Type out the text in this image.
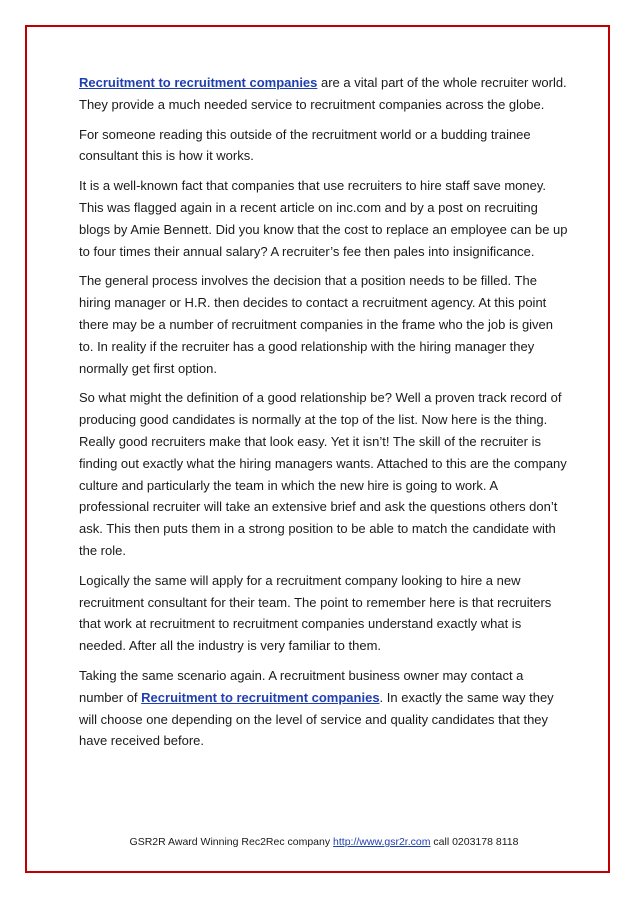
Recruitment to recruitment companies are a vital part of the whole recruiter world. They provide a much needed service to recruitment companies across the globe.

For someone reading this outside of the recruitment world or a budding trainee consultant this is how it works.

It is a well-known fact that companies that use recruiters to hire staff save money. This was flagged again in a recent article on inc.com and by a post on recruiting blogs by Amie Bennett. Did you know that the cost to replace an employee can be up to four times their annual salary? A recruiter’s fee then pales into insignificance.

The general process involves the decision that a position needs to be filled. The hiring manager or H.R. then decides to contact a recruitment agency. At this point there may be a number of recruitment companies in the frame who the job is given to. In reality if the recruiter has a good relationship with the hiring manager they normally get first option.

So what might the definition of a good relationship be? Well a proven track record of producing good candidates is normally at the top of the list. Now here is the thing. Really good recruiters make that look easy. Yet it isn’t! The skill of the recruiter is finding out exactly what the hiring managers wants. Attached to this are the company culture and particularly the team in which the new hire is going to work. A professional recruiter will take an extensive brief and ask the questions others don’t ask. This then puts them in a strong position to be able to match the candidate with the role.

Logically the same will apply for a recruitment company looking to hire a new recruitment consultant for their team. The point to remember here is that recruiters that work at recruitment to recruitment companies understand exactly what is needed. After all the industry is very familiar to them.

Taking the same scenario again. A recruitment business owner may contact a number of Recruitment to recruitment companies. In exactly the same way they will choose one depending on the level of service and quality candidates that they have received before.

GSR2R Award Winning Rec2Rec company http://www.gsr2r.com call 0203178 8118
